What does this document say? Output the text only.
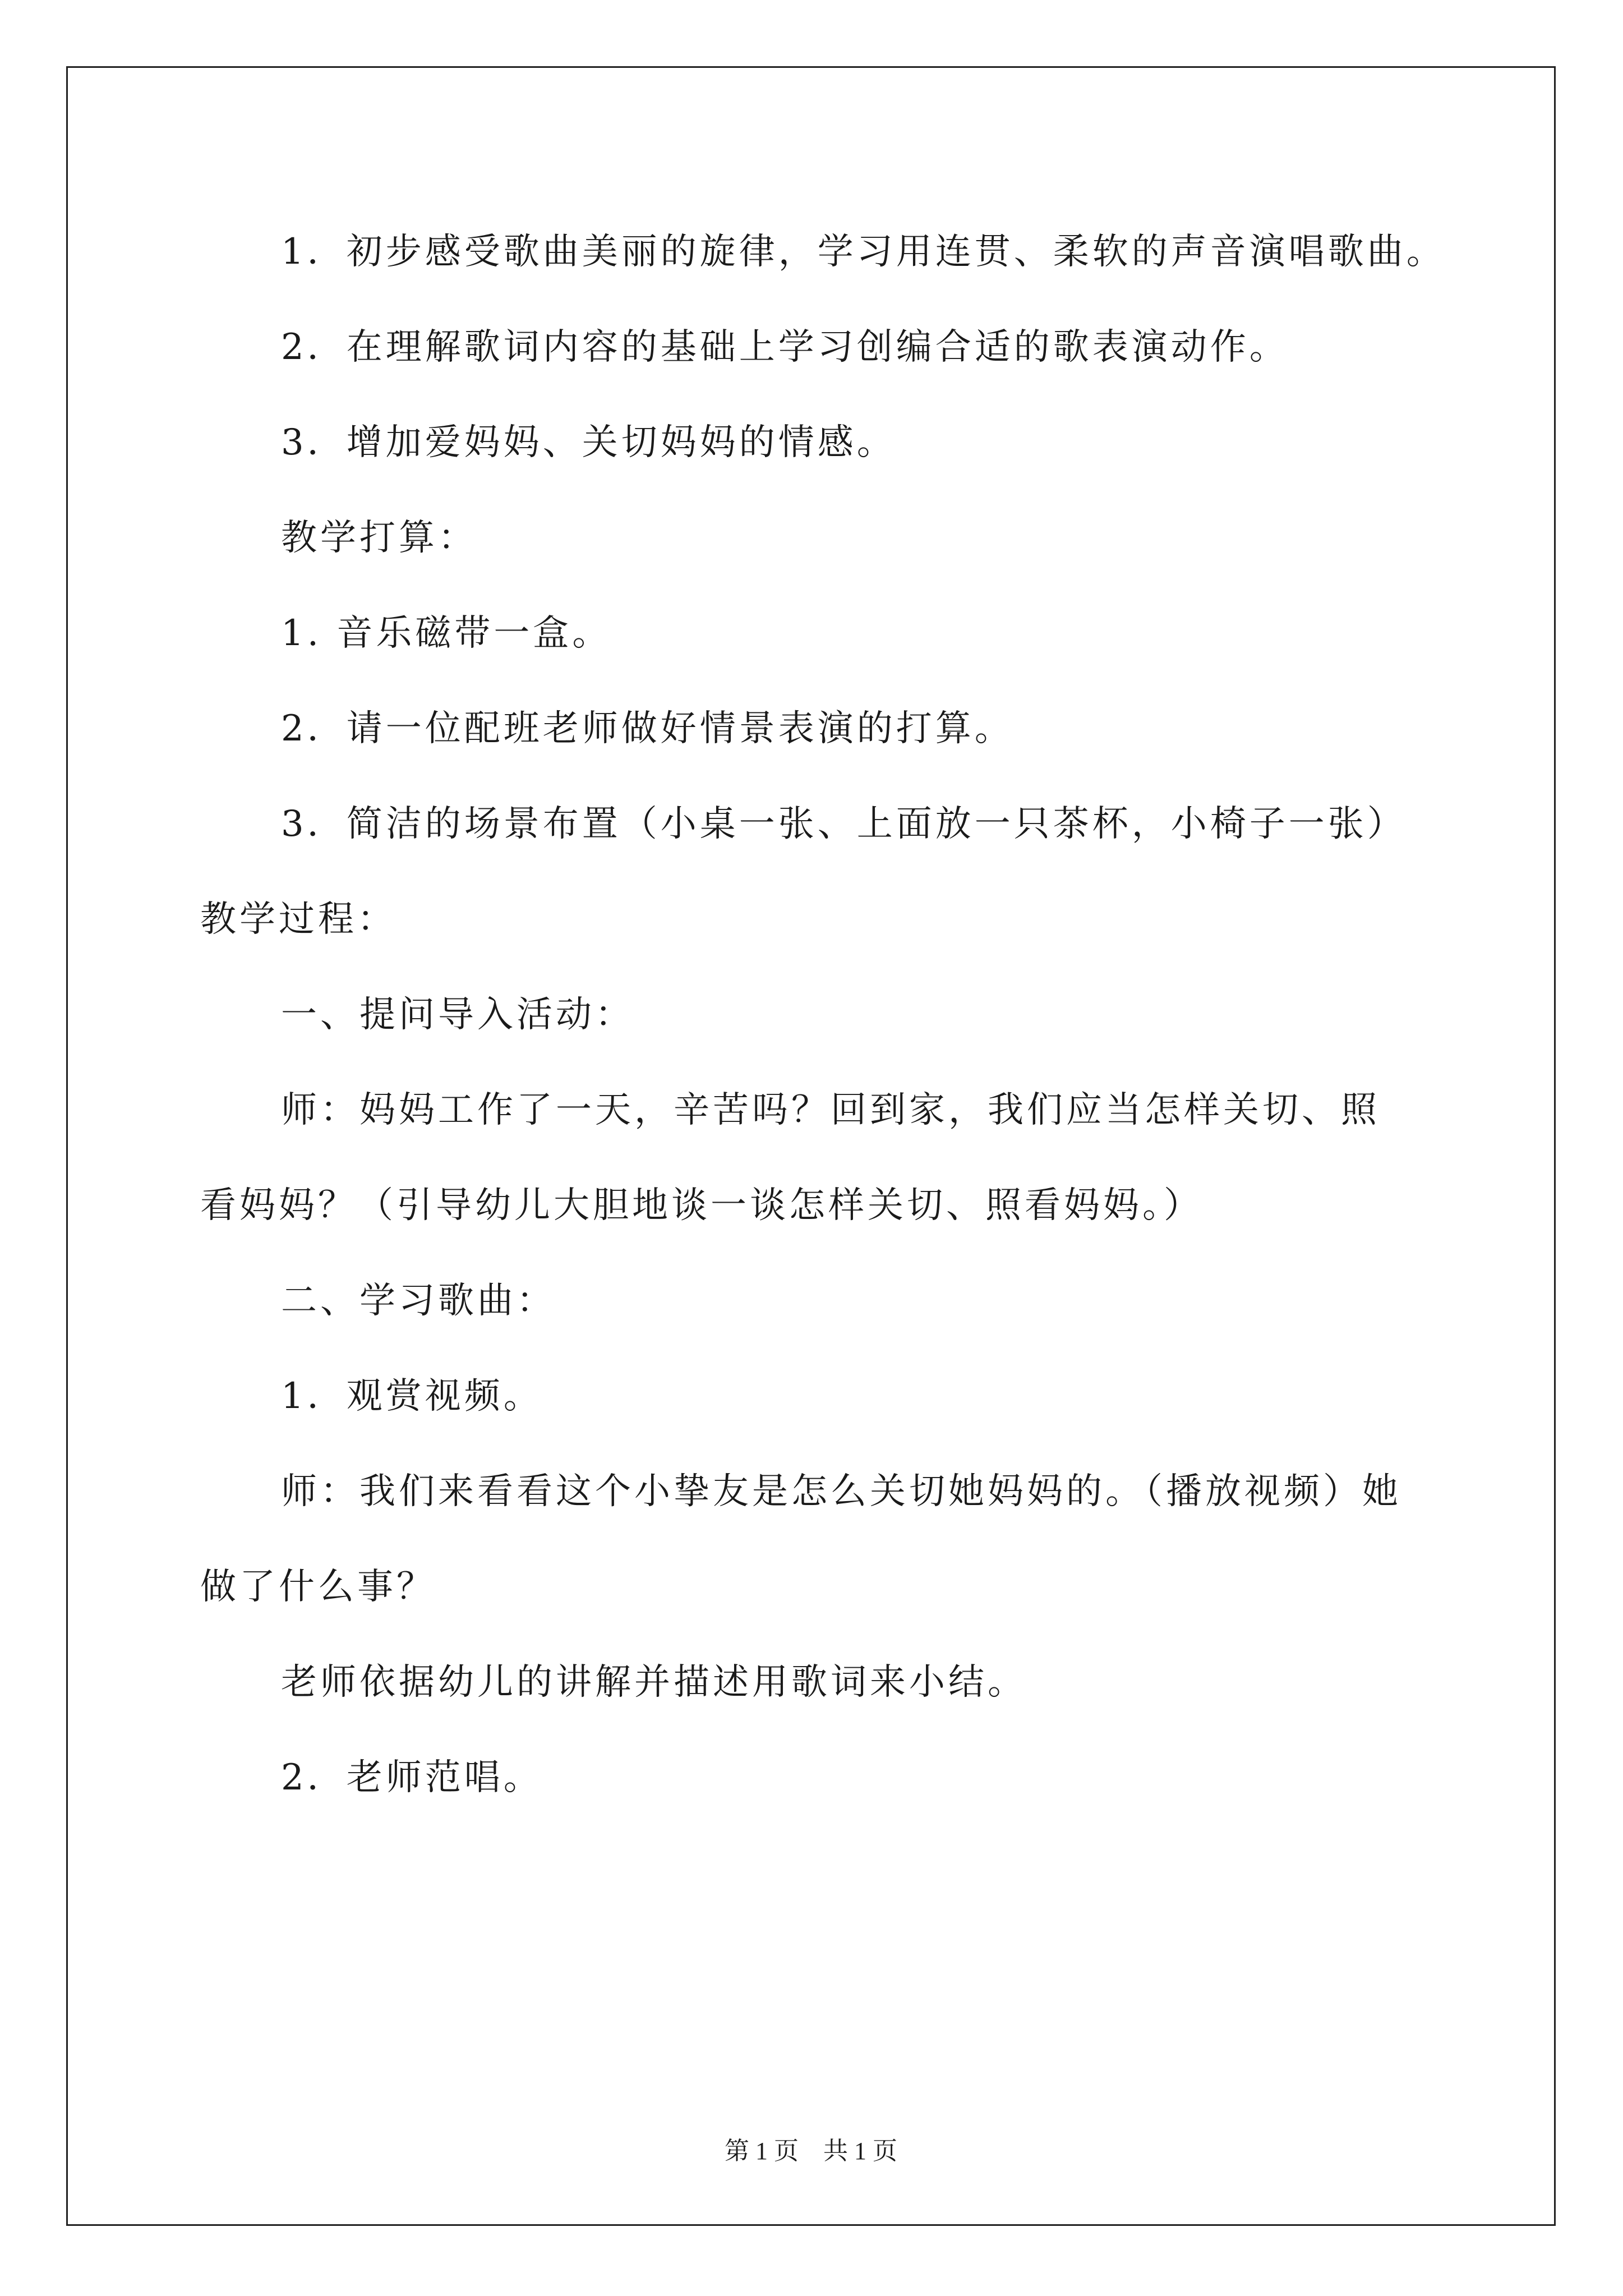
1．初步感受歌曲美丽的旋律，学习用连贯、柔软的声音演唱歌曲。
2．在理解歌词内容的基础上学习创编合适的歌表演动作。
3．增加爱妈妈、关切妈妈的情感。
教学打算：
1. 音乐磁带一盒。
2．请一位配班老师做好情景表演的打算。
3．简洁的场景布置（小桌一张、上面放一只茶杯，小椅子一张）
教学过程：
一、提问导入活动：
师：妈妈工作了一天，辛苦吗？回到家，我们应当怎样关切、照
看妈妈？（引导幼儿大胆地谈一谈怎样关切、照看妈妈。）
二、学习歌曲：
1．观赏视频。
师：我们来看看这个小挚友是怎么关切她妈妈的。（播放视频）她
做了什么事？
老师依据幼儿的讲解并描述用歌词来小结。
2．老师范唱。
第 1 页    共 1 页
